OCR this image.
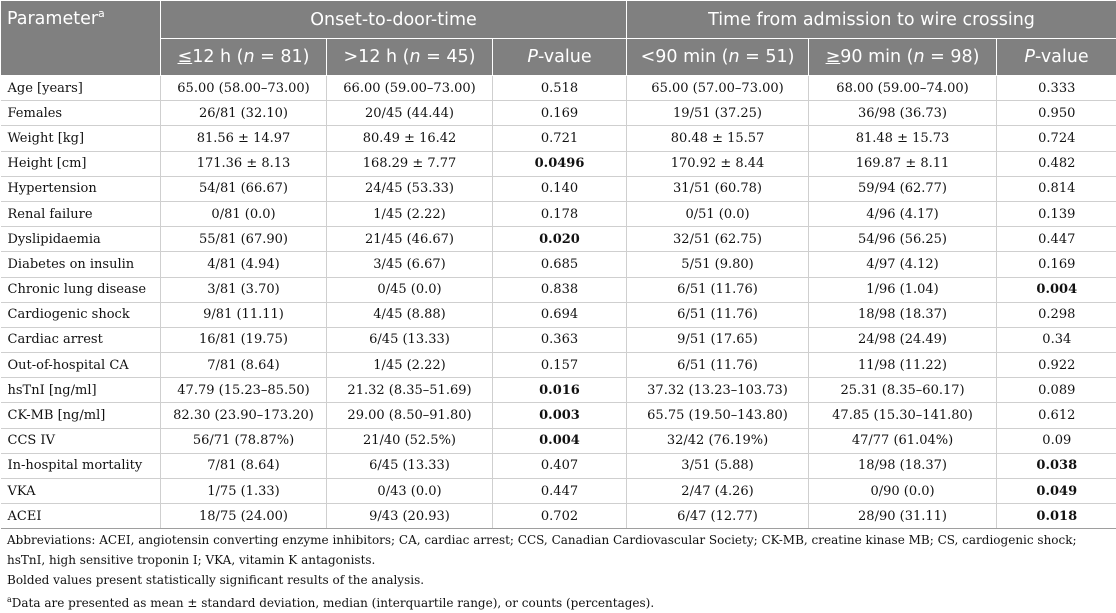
Parameter$^a$	Onset-to-door-time			Time from admission to wire crossing		
	≤12 h (n = 81)	>12 h (n = 45)	P-value	<90 min (n = 51)	≥90 min (n = 98)	P-value
Age [years]	65.00 (58.00–73.00)	66.00 (59.00–73.00)	0.518	65.00 (57.00–73.00)	68.00 (59.00–74.00)	0.333
Females	26/81 (32.10)	20/45 (44.44)	0.169	19/51 (37.25)	36/98 (36.73)	0.950
Weight [kg]	81.56 ± 14.97	80.49 ± 16.42	0.721	80.48 ± 15.57	81.48 ± 15.73	0.724
Height [cm]	171.36 ± 8.13	168.29 ± 7.77	0.0496	170.92 ± 8.44	169.87 ± 8.11	0.482
Hypertension	54/81 (66.67)	24/45 (53.33)	0.140	31/51 (60.78)	59/94 (62.77)	0.814
Renal failure	0/81 (0.0)	1/45 (2.22)	0.178	0/51 (0.0)	4/96 (4.17)	0.139
Dyslipidaemia	55/81 (67.90)	21/45 (46.67)	0.020	32/51 (62.75)	54/96 (56.25)	0.447
Diabetes on insulin	4/81 (4.94)	3/45 (6.67)	0.685	5/51 (9.80)	4/97 (4.12)	0.169
Chronic lung disease	3/81 (3.70)	0/45 (0.0)	0.838	6/51 (11.76)	1/96 (1.04)	0.004
Cardiogenic shock	9/81 (11.11)	4/45 (8.88)	0.694	6/51 (11.76)	18/98 (18.37)	0.298
Cardiac arrest	16/81 (19.75)	6/45 (13.33)	0.363	9/51 (17.65)	24/98 (24.49)	0.34
Out-of-hospital CA	7/81 (8.64)	1/45 (2.22)	0.157	6/51 (11.76)	11/98 (11.22)	0.922
hsTnI [ng/ml]	47.79 (15.23–85.50)	21.32 (8.35–51.69)	0.016	37.32 (13.23–103.73)	25.31 (8.35–60.17)	0.089
CK-MB [ng/ml]	82.30 (23.90–173.20)	29.00 (8.50–91.80)	0.003	65.75 (19.50–143.80)	47.85 (15.30–141.80)	0.612
CCS IV	56/71 (78.87%)	21/40 (52.5%)	0.004	32/42 (76.19%)	47/77 (61.04%)	0.09
In-hospital mortality	7/81 (8.64)	6/45 (13.33)	0.407	3/51 (5.88)	18/98 (18.37)	0.038
VKA	1/75 (1.33)	0/43 (0.0)	0.447	2/47 (4.26)	0/90 (0.0)	0.049
ACEI	18/75 (24.00)	9/43 (20.93)	0.702	6/47 (12.77)	28/90 (31.11)	0.018

Abbreviations: ACEI, angiotensin converting enzyme inhibitors; CA, cardiac arrest; CCS, Canadian Cardiovascular Society; CK-MB, creatine kinase MB; CS, cardiogenic shock; hsTnI, high sensitive troponin I; VKA, vitamin K antagonists.

Bolded values present statistically significant results of the analysis.

$^a$Data are presented as mean ± standard deviation, median (interquartile range), or counts (percentages).
